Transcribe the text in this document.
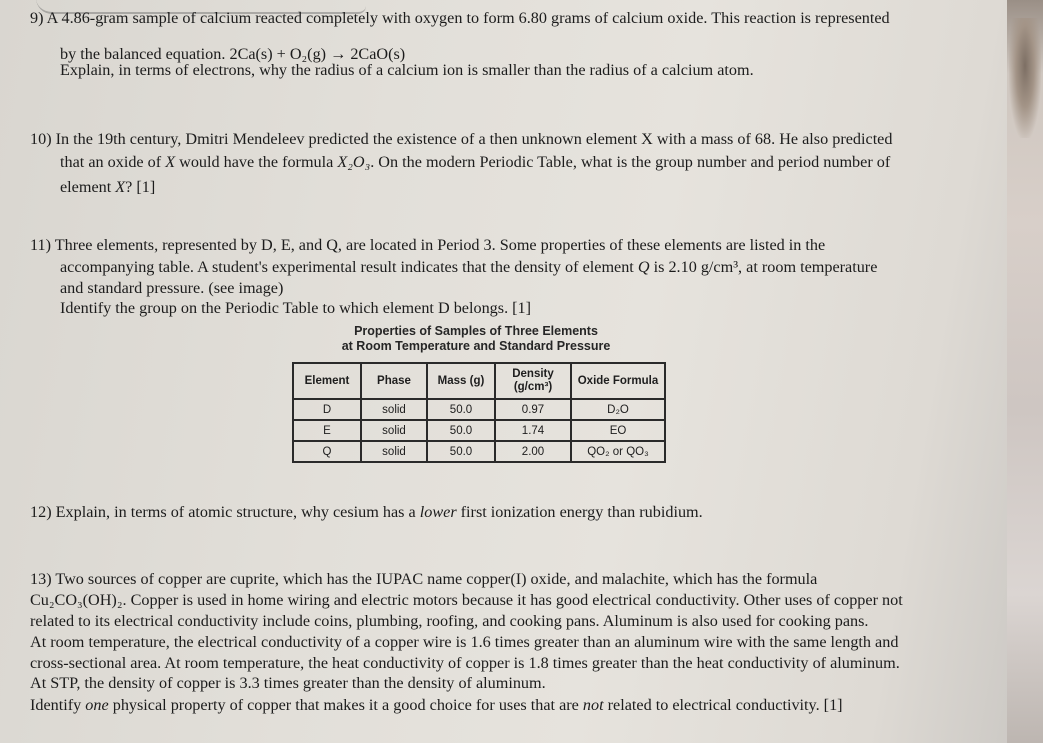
9) A 4.86-gram sample of calcium reacted completely with oxygen to form 6.80 grams of calcium oxide. This reaction is represented
by the balanced equation. 2Ca(s) + O₂(g) → 2CaO(s)
Explain, in terms of electrons, why the radius of a calcium ion is smaller than the radius of a calcium atom.
10) In the 19th century, Dmitri Mendeleev predicted the existence of a then unknown element X with a mass of 68. He also predicted
that an oxide of X would have the formula X₂O₃. On the modern Periodic Table, what is the group number and period number of
element X? [1]
11) Three elements, represented by D, E, and Q, are located in Period 3. Some properties of these elements are listed in the
accompanying table. A student's experimental result indicates that the density of element Q is 2.10 g/cm³, at room temperature
and standard pressure. (see image)
Identify the group on the Periodic Table to which element D belongs. [1]
Properties of Samples of Three Elements
at Room Temperature and Standard Pressure
Element	Phase	Mass (g)	Density (g/cm³)	Oxide Formula
D	solid	50.0	0.97	D₂O
E	solid	50.0	1.74	EO
Q	solid	50.0	2.00	QO₂ or QO₃
12) Explain, in terms of atomic structure, why cesium has a lower first ionization energy than rubidium.
13) Two sources of copper are cuprite, which has the IUPAC name copper(I) oxide, and malachite, which has the formula
Cu₂CO₃(OH)₂. Copper is used in home wiring and electric motors because it has good electrical conductivity. Other uses of copper not
related to its electrical conductivity include coins, plumbing, roofing, and cooking pans. Aluminum is also used for cooking pans.
At room temperature, the electrical conductivity of a copper wire is 1.6 times greater than an aluminum wire with the same length and
cross-sectional area. At room temperature, the heat conductivity of copper is 1.8 times greater than the heat conductivity of aluminum.
At STP, the density of copper is 3.3 times greater than the density of aluminum.
Identify one physical property of copper that makes it a good choice for uses that are not related to electrical conductivity. [1]
